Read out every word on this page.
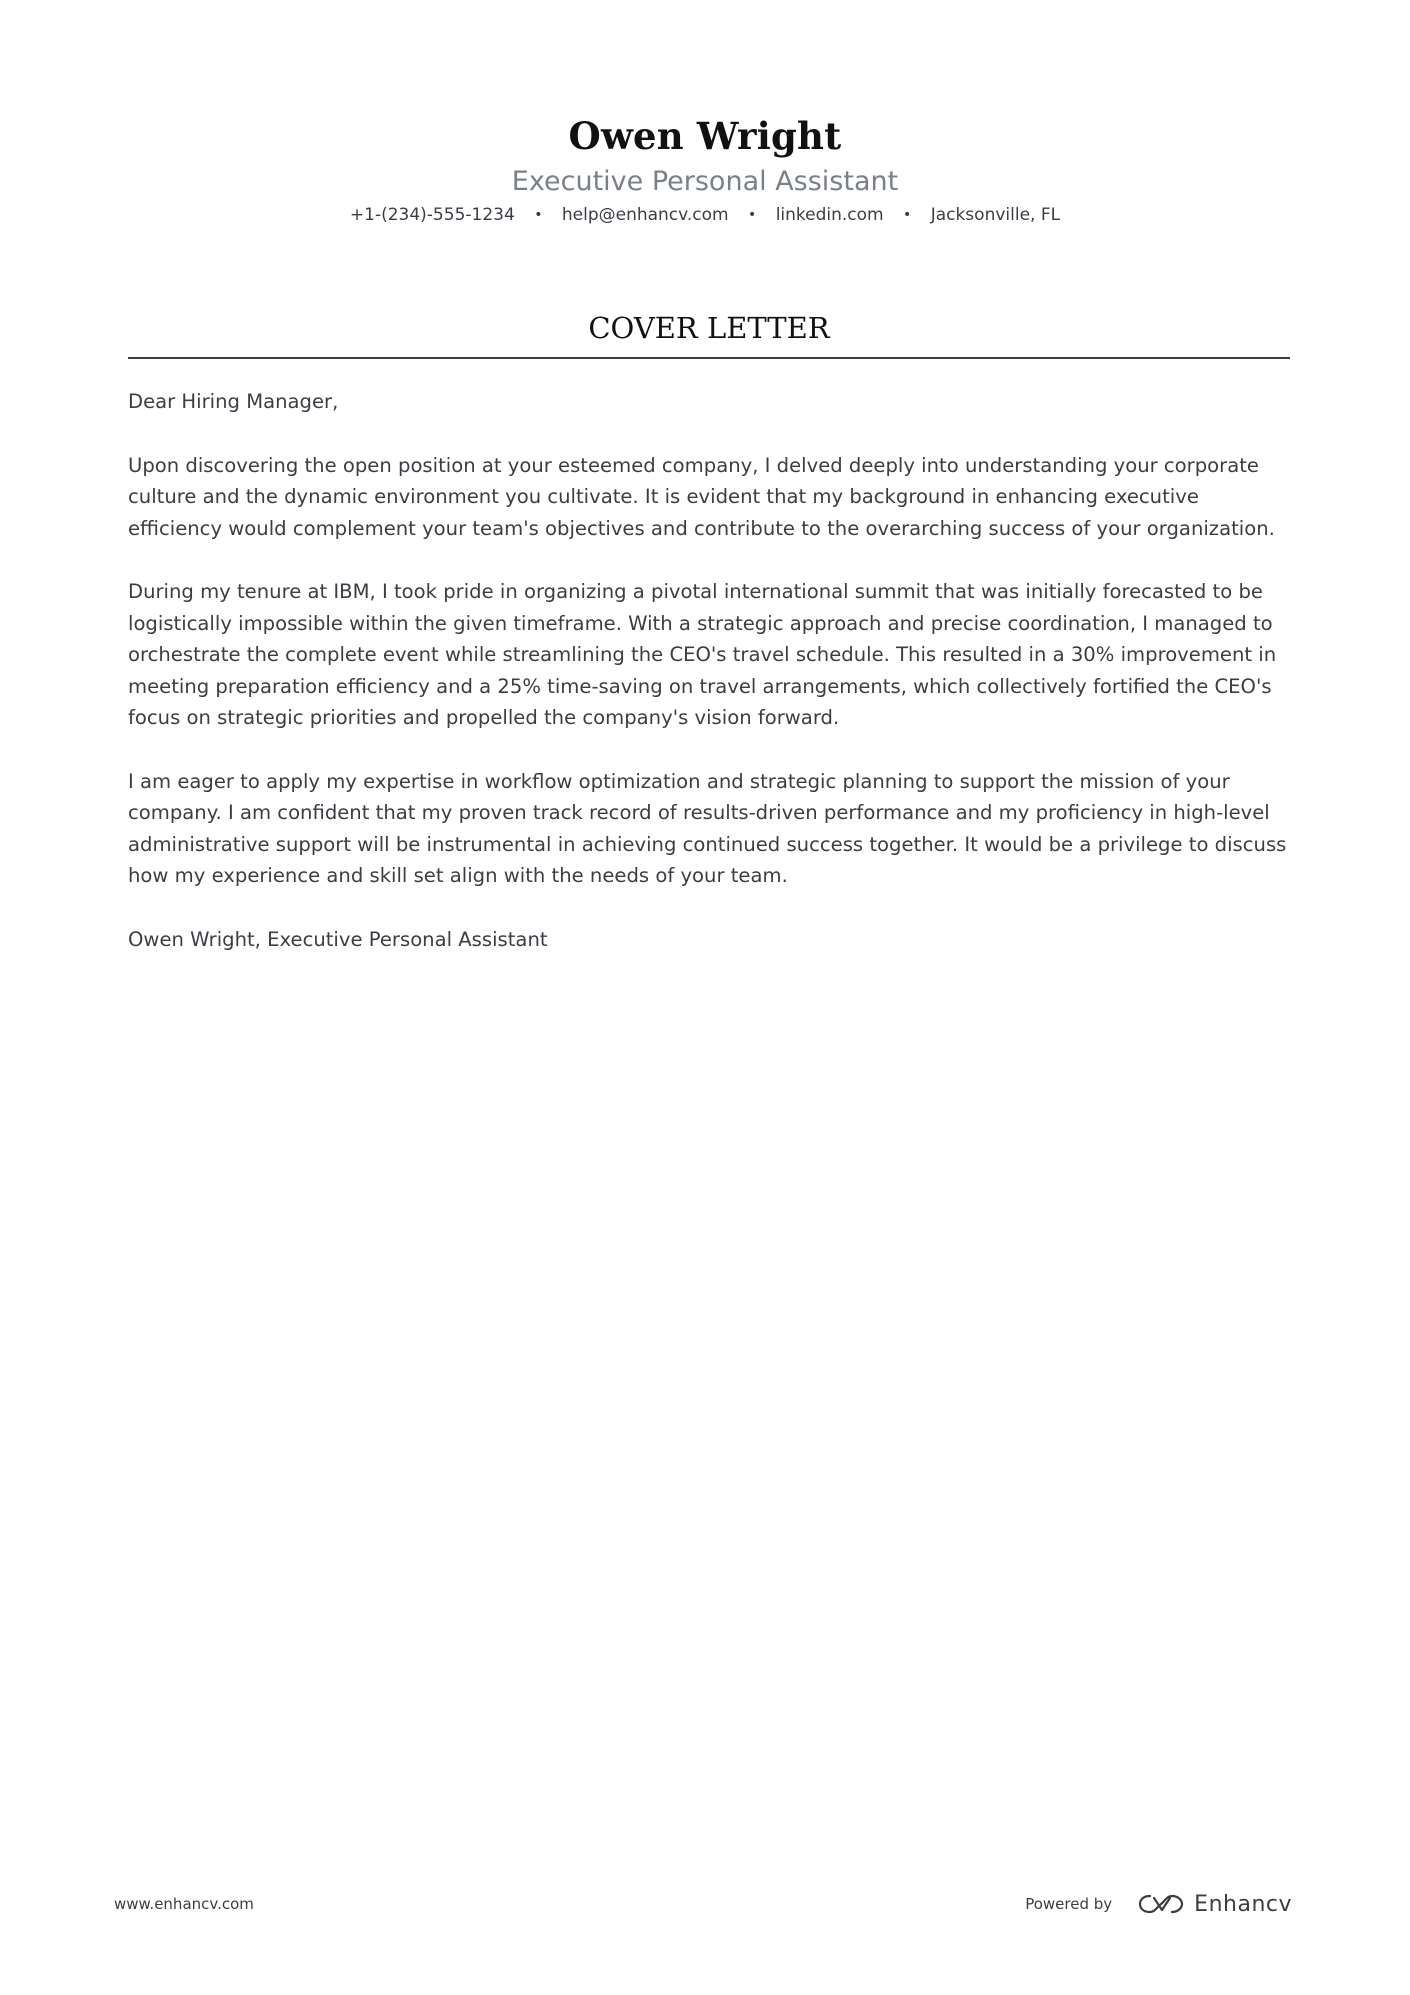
Owen Wright
Executive Personal Assistant
+1-(234)-555-1234 • help@enhancv.com • linkedin.com • Jacksonville, FL
COVER LETTER

Dear Hiring Manager,

Upon discovering the open position at your esteemed company, I delved deeply into understanding your corporate culture and the dynamic environment you cultivate. It is evident that my background in enhancing executive efficiency would complement your team's objectives and contribute to the overarching success of your organization.

During my tenure at IBM, I took pride in organizing a pivotal international summit that was initially forecasted to be logistically impossible within the given timeframe. With a strategic approach and precise coordination, I managed to orchestrate the complete event while streamlining the CEO's travel schedule. This resulted in a 30% improvement in meeting preparation efficiency and a 25% time-saving on travel arrangements, which collectively fortified the CEO's focus on strategic priorities and propelled the company's vision forward.

I am eager to apply my expertise in workflow optimization and strategic planning to support the mission of your company. I am confident that my proven track record of results-driven performance and my proficiency in high-level administrative support will be instrumental in achieving continued success together. It would be a privilege to discuss how my experience and skill set align with the needs of your team.

Owen Wright, Executive Personal Assistant

www.enhancv.com	Powered by	Enhancv
